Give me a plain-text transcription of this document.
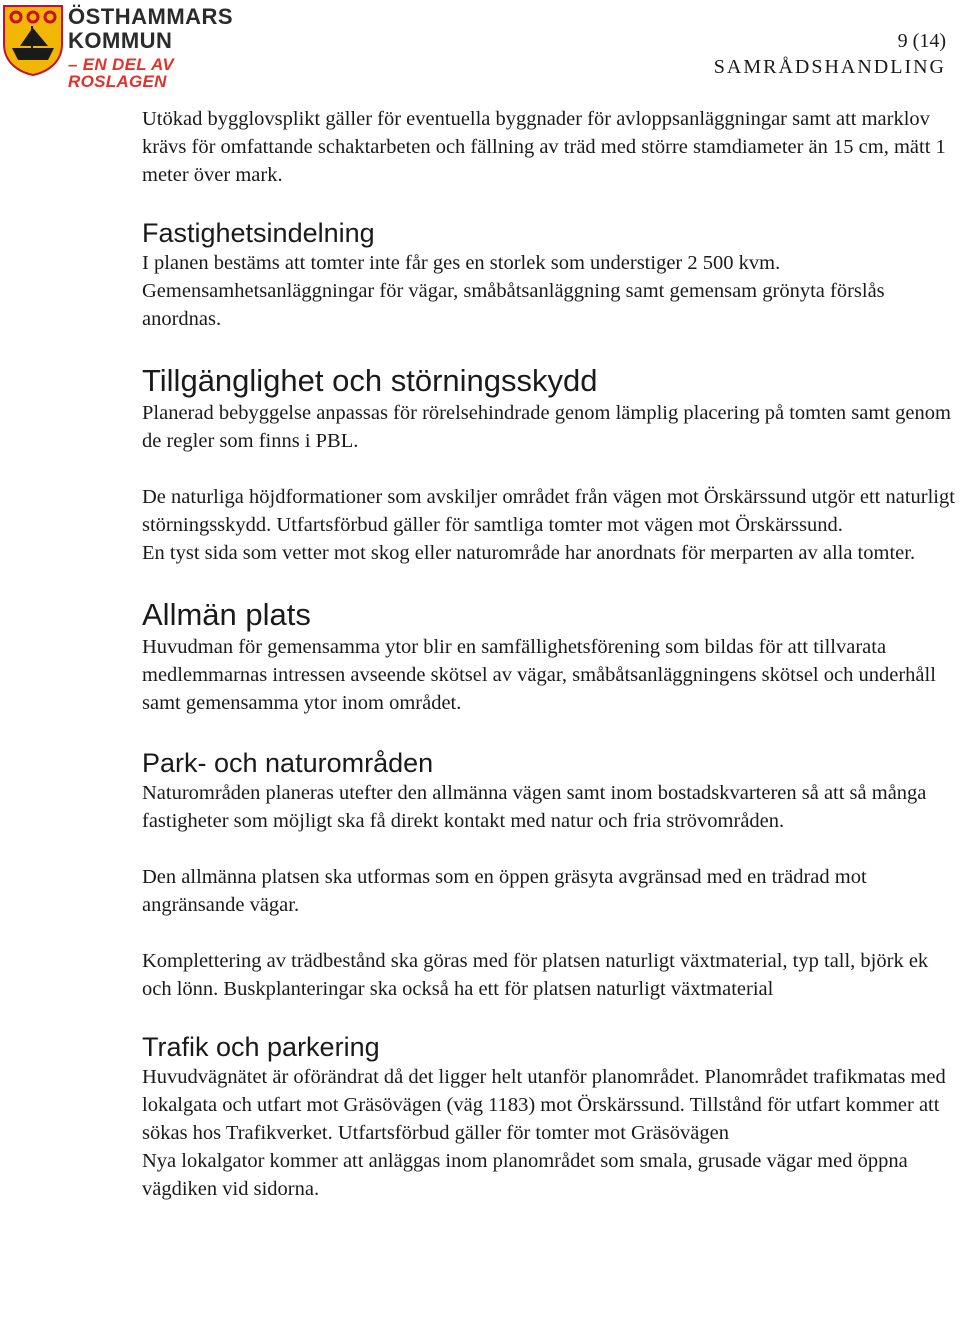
ÖSTHAMMARS
KOMMUN
– EN DEL AV ROSLAGEN
9 (14)
SAMRÅDSHANDLING

Utökad bygglovsplikt gäller för eventuella byggnader för avloppsanläggningar samt att marklov krävs för omfattande schaktarbeten och fällning av träd med större stamdiameter än 15 cm, mätt 1 meter över mark.

Fastighetsindelning

I planen bestäms att tomter inte får ges en storlek som understiger 2 500 kvm.

Gemensamhetsanläggningar för vägar, småbåtsanläggning samt gemensam grönyta förslås anordnas.

Tillgänglighet och störningsskydd

Planerad bebyggelse anpassas för rörelsehindrade genom lämplig placering på tomten samt genom de regler som finns i PBL.

De naturliga höjdformationer som avskiljer området från vägen mot Örskärssund utgör ett naturligt störningsskydd. Utfartsförbud gäller för samtliga tomter mot vägen mot Örskärssund.

En tyst sida som vetter mot skog eller naturområde har anordnats för merparten av alla tomter.

Allmän plats

Huvudman för gemensamma ytor blir en samfällighetsförening som bildas för att tillvarata medlemmarnas intressen avseende skötsel av vägar, småbåtsanläggningens skötsel och underhåll samt gemensamma ytor inom området.

Park- och naturområden

Naturområden planeras utefter den allmänna vägen samt inom bostadskvarteren så att så många fastigheter som möjligt ska få direkt kontakt med natur och fria strövområden.

Den allmänna platsen ska utformas som en öppen gräsyta avgränsad med en trädrad mot angränsande vägar.

Komplettering av trädbestånd ska göras med för platsen naturligt växtmaterial, typ tall, björk ek och lönn. Buskplanteringar ska också ha ett för platsen naturligt växtmaterial

Trafik och parkering

Huvudvägnätet är oförändrat då det ligger helt utanför planområdet. Planområdet trafikmatas med lokalgata och utfart mot Gräsövägen (väg 1183) mot Örskärssund. Tillstånd för utfart kommer att sökas hos Trafikverket. Utfartsförbud gäller för tomter mot Gräsövägen

Nya lokalgator kommer att anläggas inom planområdet som smala, grusade vägar med öppna vägdiken vid sidorna.
